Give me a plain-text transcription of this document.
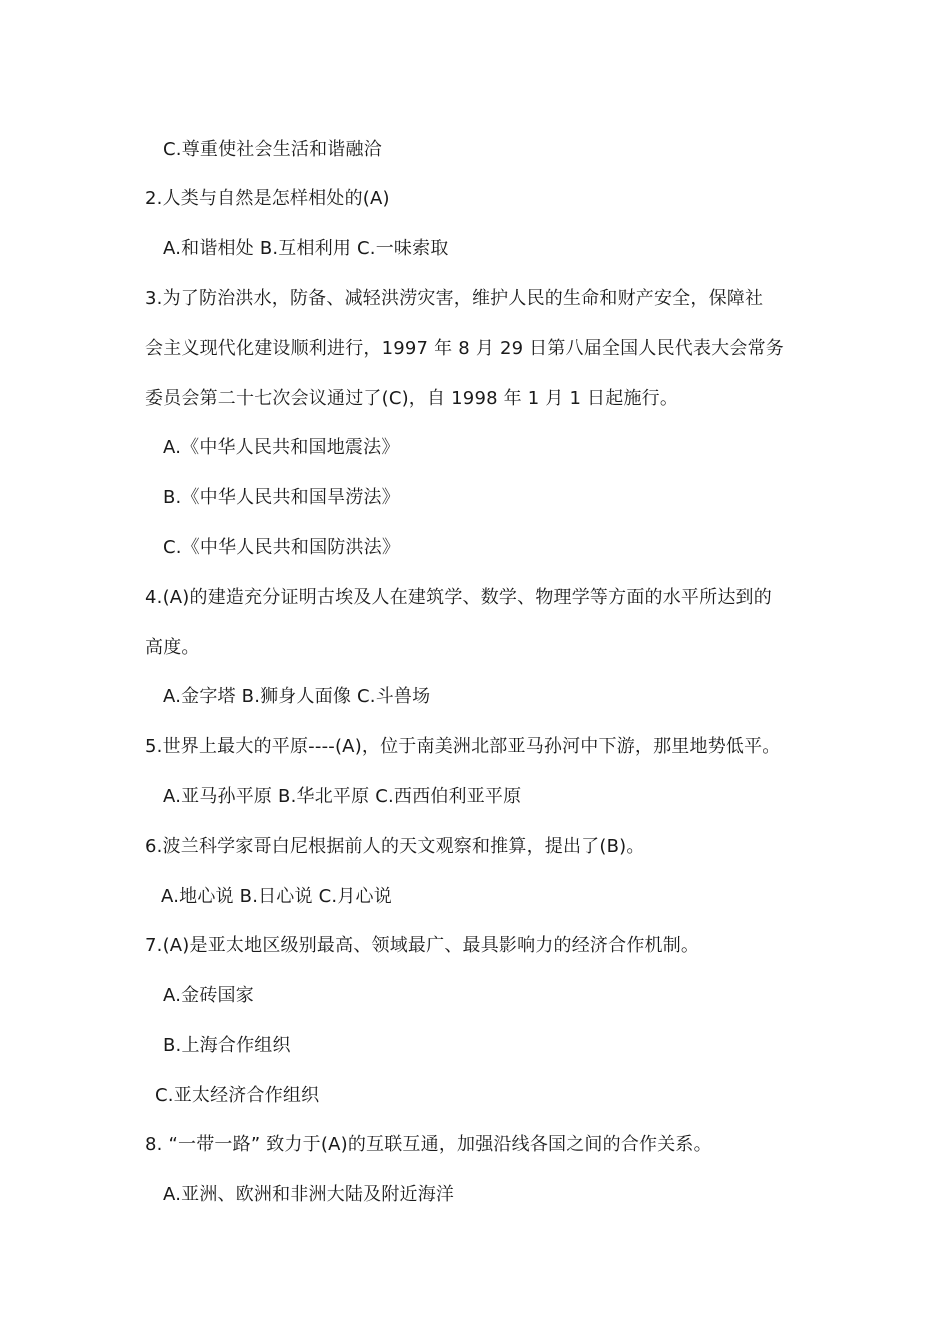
C.尊重使社会生活和谐融洽
2.人类与自然是怎样相处的(A)
A.和谐相处 B.互相利用 C.一味索取
3.为了防治洪水，防备、减轻洪涝灾害，维护人民的生命和财产安全，保障社
会主义现代化建设顺利进行，1997 年 8 月 29 日第八届全国人民代表大会常务
委员会第二十七次会议通过了(C)，自 1998 年 1 月 1 日起施行。
A.《中华人民共和国地震法》
B.《中华人民共和国旱涝法》
C.《中华人民共和国防洪法》
4.(A)的建造充分证明古埃及人在建筑学、数学、物理学等方面的水平所达到的
高度。
A.金字塔 B.狮身人面像 C.斗兽场
5.世界上最大的平原----(A)，位于南美洲北部亚马孙河中下游，那里地势低平。
A.亚马孙平原 B.华北平原 C.西西伯利亚平原
6.波兰科学家哥白尼根据前人的天文观察和推算，提出了(B)。
A.地心说 B.日心说 C.月心说
7.(A)是亚太地区级别最高、领域最广、最具影响力的经济合作机制。
A.金砖国家
B.上海合作组织
C.亚太经济合作组织
8. “一带一路” 致力于(A)的互联互通，加强沿线各国之间的合作关系。
A.亚洲、欧洲和非洲大陆及附近海洋
